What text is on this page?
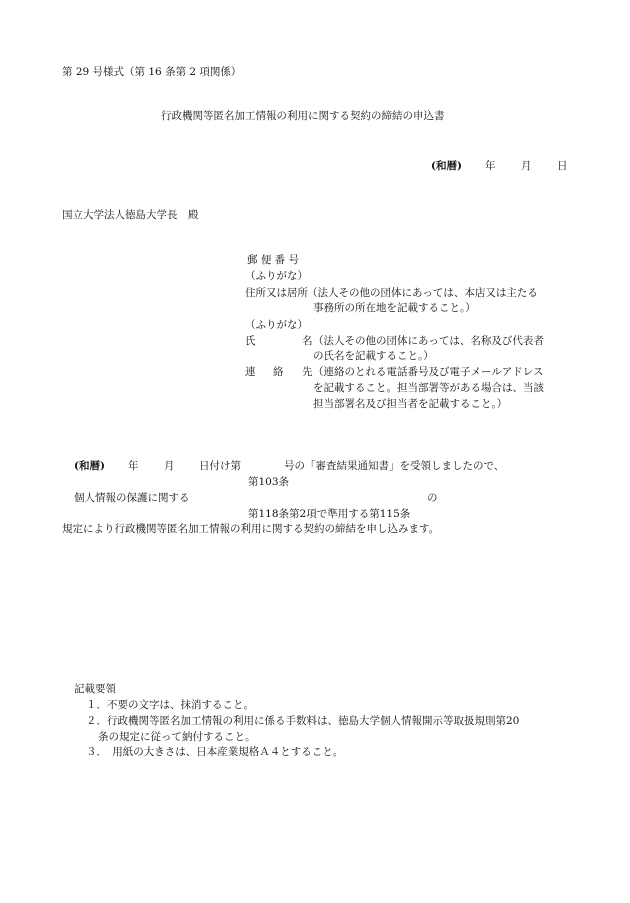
第 29 号様式（第 16 条第 2 項関係）
行政機関等匿名加工情報の利用に関する契約の締結の申込書
(和暦) 年 月 日
国立大学法人徳島大学長　殿
郵 便 番 号
（ふりがな）
住所又は居所 （法人その他の団体にあっては、本店又は主たる
事務所の所在地を記載すること。）
（ふりがな）
氏	名 （法人その他の団体にあっては、名称及び代表者
の氏名を記載すること。）
連 絡 先 （連絡のとれる電話番号及び電子メールアドレス
を記載すること。担当部署等がある場合は、当該
担当部署名及び担当者を記載すること。）
(和暦) 年 月 日付け第	号の「審査結果通知書」を受領しましたので、
第103条
個人情報の保護に関する	の
第118条第2項で準用する第115条
規定により行政機関等匿名加工情報の利用に関する契約の締結を申し込みます。
記載要領
１．不要の文字は、抹消すること。
２．行政機関等匿名加工情報の利用に係る手数料は、徳島大学個人情報開示等取扱規則第20
条の規定に従って納付すること。
３．　用紙の大きさは、日本産業規格Ａ４とすること。
